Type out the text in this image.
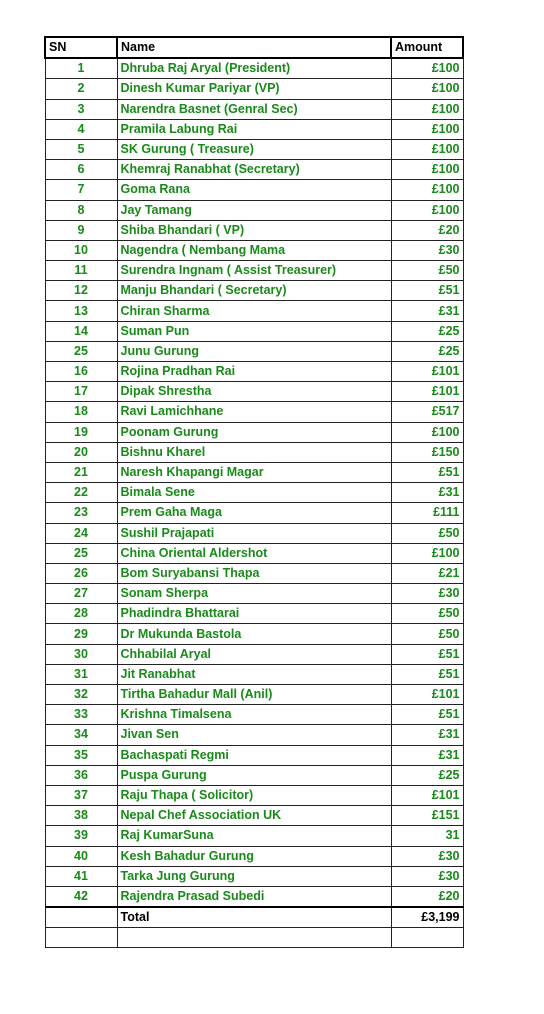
SN	Name	Amount
1	Dhruba Raj Aryal (President)	£100
2	Dinesh Kumar Pariyar (VP)	£100
3	Narendra Basnet (Genral Sec)	£100
4	Pramila Labung Rai	£100
5	SK Gurung ( Treasure)	£100
6	Khemraj Ranabhat (Secretary)	£100
7	Goma Rana	£100
8	Jay Tamang	£100
9	Shiba Bhandari ( VP)	£20
10	Nagendra ( Nembang Mama	£30
11	Surendra Ingnam ( Assist Treasurer)	£50
12	Manju Bhandari ( Secretary)	£51
13	Chiran Sharma	£31
14	Suman Pun	£25
25	Junu Gurung	£25
16	Rojina Pradhan Rai	£101
17	Dipak Shrestha	£101
18	Ravi Lamichhane	£517
19	Poonam Gurung	£100
20	Bishnu Kharel	£150
21	Naresh Khapangi Magar	£51
22	Bimala Sene	£31
23	Prem Gaha Maga	£111
24	Sushil Prajapati	£50
25	China Oriental Aldershot	£100
26	Bom Suryabansi Thapa	£21
27	Sonam Sherpa	£30
28	Phadindra Bhattarai	£50
29	Dr Mukunda Bastola	£50
30	Chhabilal Aryal	£51
31	Jit Ranabhat	£51
32	Tirtha Bahadur Mall (Anil)	£101
33	Krishna Timalsena	£51
34	Jivan Sen	£31
35	Bachaspati Regmi	£31
36	Puspa Gurung	£25
37	Raju Thapa ( Solicitor)	£101
38	Nepal Chef Association UK	£151
39	Raj KumarSuna	31
40	Kesh Bahadur Gurung	£30
41	Tarka Jung Gurung	£30
42	Rajendra Prasad Subedi	£20
	Total	£3,199
